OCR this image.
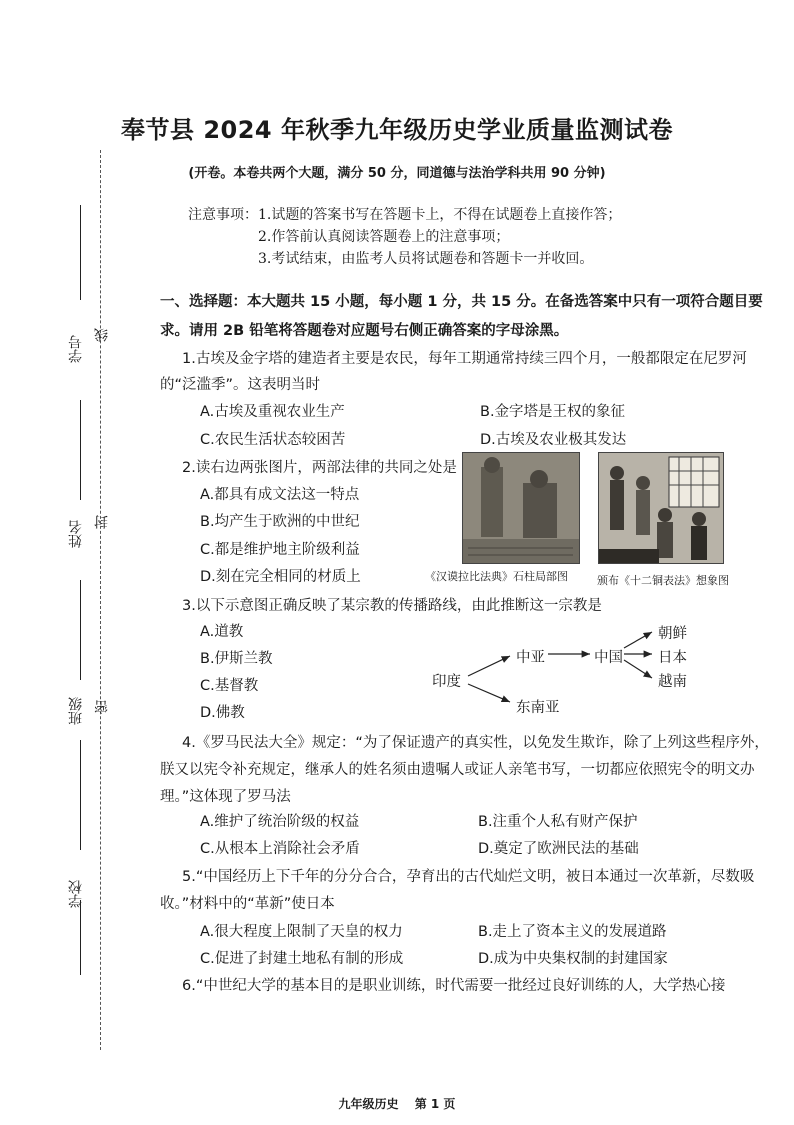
学号 线
姓名 封
班级 密
学校
奉节县 2024 年秋季九年级历史学业质量监测试卷
(开卷。本卷共两个大题，满分 50 分，同道德与法治学科共用 90 分钟)
注意事项：1.试题的答案书写在答题卡上，不得在试题卷上直接作答；
2.作答前认真阅读答题卷上的注意事项；
3.考试结束，由监考人员将试题卷和答题卡一并收回。
一、选择题：本大题共 15 小题，每小题 1 分，共 15 分。在备选答案中只有一项符合题目要求。请用 2B 铅笔将答题卷对应题号右侧正确答案的字母涂黑。
1.古埃及金字塔的建造者主要是农民，每年工期通常持续三四个月，一般都限定在尼罗河的“泛滥季”。这表明当时
A.古埃及重视农业生产	B.金字塔是王权的象征
C.农民生活状态较困苦	D.古埃及农业极其发达
2.读右边两张图片，两部法律的共同之处是
A.都具有成文法这一特点
B.均产生于欧洲的中世纪
C.都是维护地主阶级利益
D.刻在完全相同的材质上	《汉谟拉比法典》石柱局部图	颁布《十二铜表法》想象图
3.以下示意图正确反映了某宗教的传播路线，由此推断这一宗教是
A.道教
B.伊斯兰教
C.基督教
D.佛教
印度
中亚
东南亚
中国
朝鲜
日本
越南
4.《罗马民法大全》规定：“为了保证遗产的真实性，以免发生欺诈，除了上列这些程序外，朕又以宪令补充规定，继承人的姓名须由遗嘱人或证人亲笔书写，一切都应依照宪令的明文办理。”这体现了罗马法
A.维护了统治阶级的权益	B.注重个人私有财产保护
C.从根本上消除社会矛盾	D.奠定了欧洲民法的基础
5.“中国经历上下千年的分分合合，孕育出的古代灿烂文明，被日本通过一次革新，尽数吸收。”材料中的“革新”使日本
A.很大程度上限制了天皇的权力	B.走上了资本主义的发展道路
C.促进了封建土地私有制的形成	D.成为中央集权制的封建国家
6.“中世纪大学的基本目的是职业训练，时代需要一批经过良好训练的人，大学热心接
九年级历史　 第 1 页
